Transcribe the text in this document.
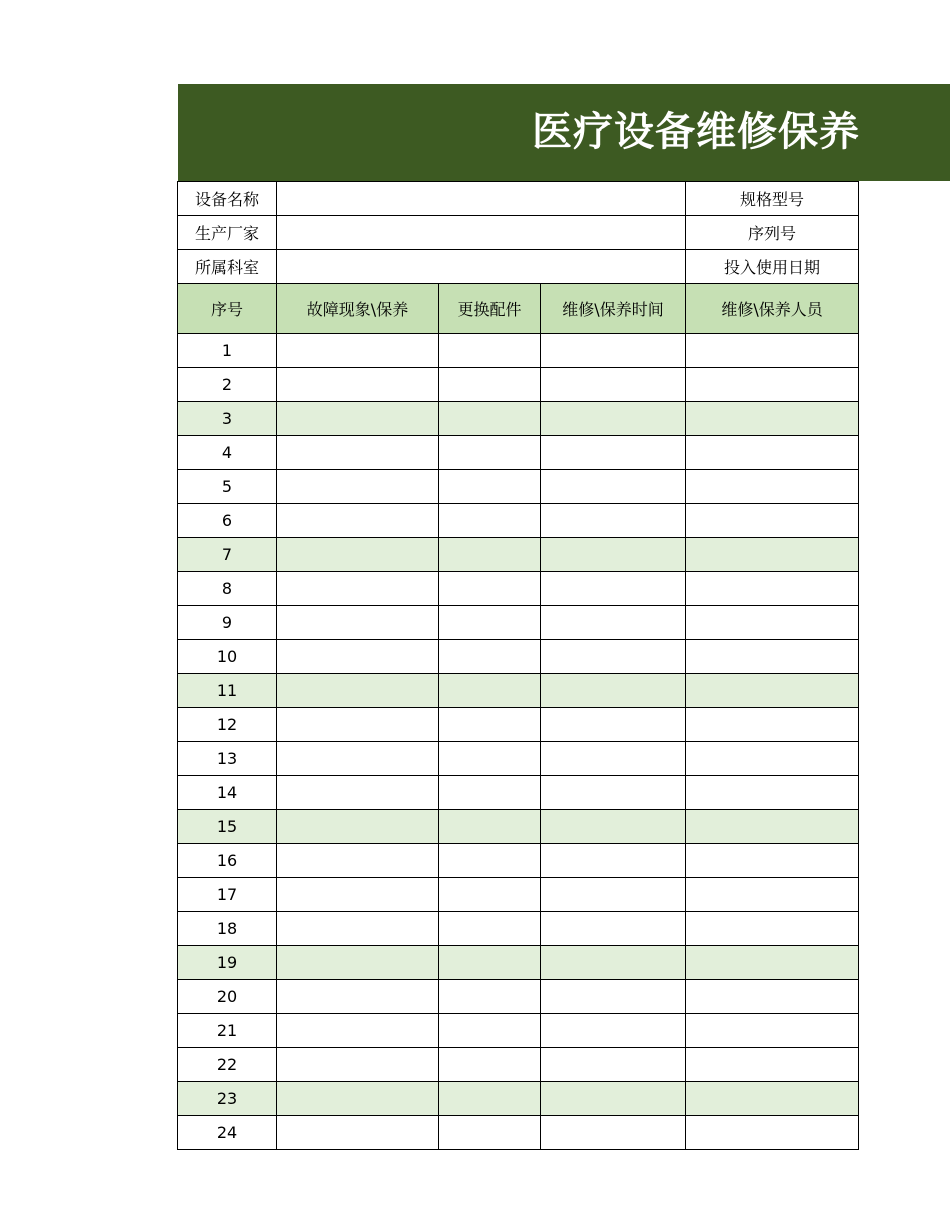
医疗设备维修保养
设备名称				规格型号
生产厂家				序列号
所属科室				投入使用日期
序号	故障现象\保养	更换配件	维修\保养时间	维修\保养人员
1				
2				
3				
4				
5				
6				
7				
8				
9				
10				
11				
12				
13				
14				
15				
16				
17				
18				
19				
20				
21				
22				
23				
24				
